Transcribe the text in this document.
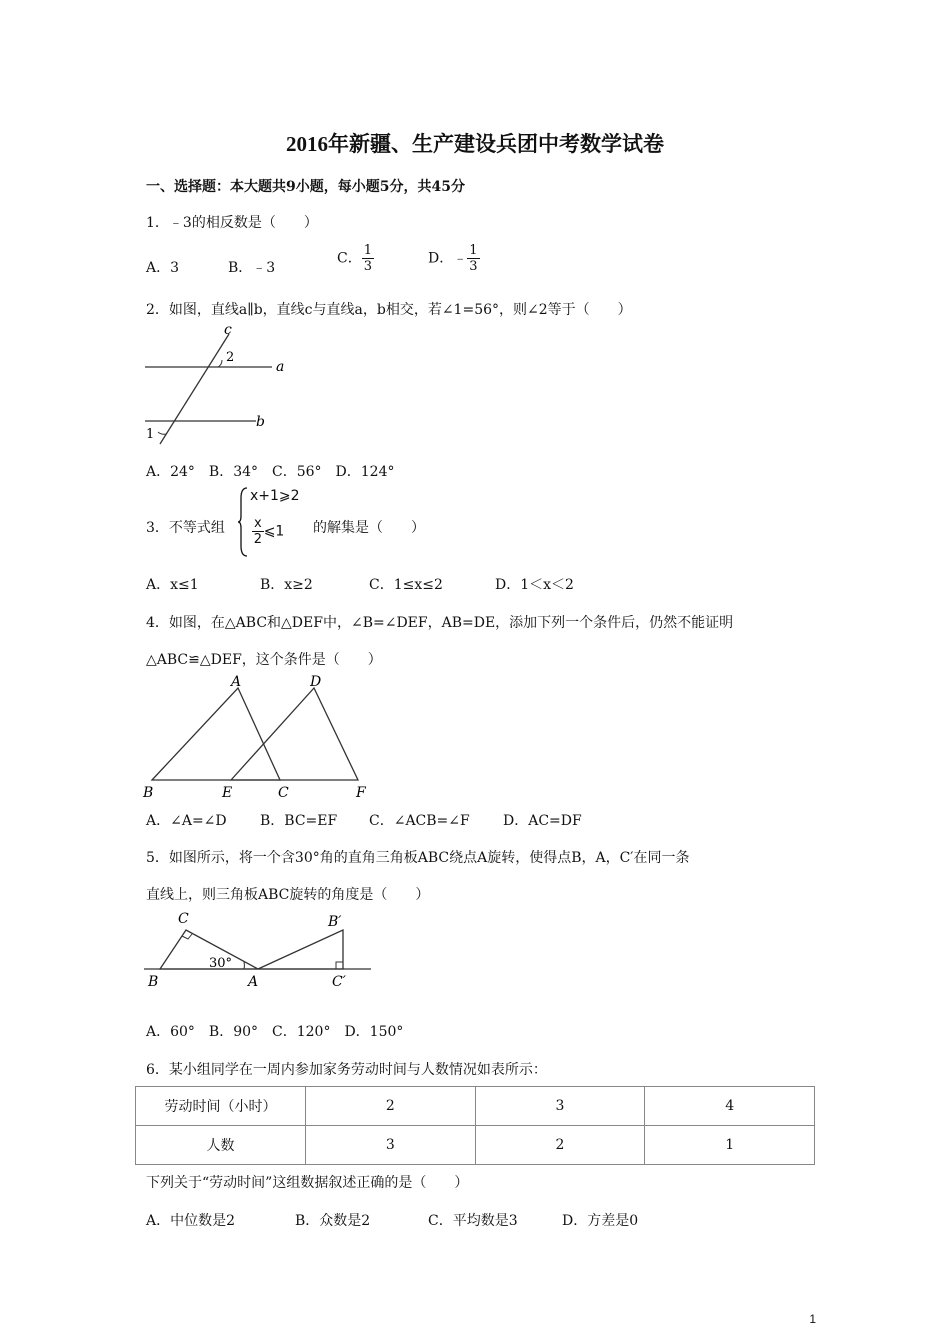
2016年新疆、生产建设兵团中考数学试卷
一、选择题：本大题共9小题，每小题5分，共45分
1．﹣3的相反数是（　　）
A．3	B．﹣3
C． $\frac{1}{3}$	D．﹣ $\frac{1}{3}$
2．如图，直线a∥b，直线c与直线a，b相交，若∠1=56°，则∠2等于（　　）
c
a
b
2
1
A．24°　B．34°　C．56°　D．124°
3．不等式组
x+1⩾2
$\frac{x}{2}$ ⩽1 的解集是（　　）
A．x≤1	B．x≥2	C．1≤x≤2	D．1＜x＜2
4．如图，在△ABC和△DEF中，∠B=∠DEF，AB=DE，添加下列一个条件后，仍然不能证明
△ABC≌△DEF，这个条件是（　　）
A
B	C
D
E	F
A．∠A=∠D B．BC=EF C．∠ACB=∠F D．AC=DF
5．如图所示，将一个含30°角的直角三角板ABC绕点A旋转，使得点B，A，C′在同一条
直线上，则三角板ABC旋转的角度是（　　）
C
B	A
B′
C′
30°
A．60°　B．90°　C．120°　D．150°
6．某小组同学在一周内参加家务劳动时间与人数情况如表所示：
劳动时间（小时）	2	3	4
人数	3	2	1
下列关于“劳动时间”这组数据叙述正确的是（　　）
A．中位数是2	B．众数是2	C．平均数是3	D．方差是0
1
